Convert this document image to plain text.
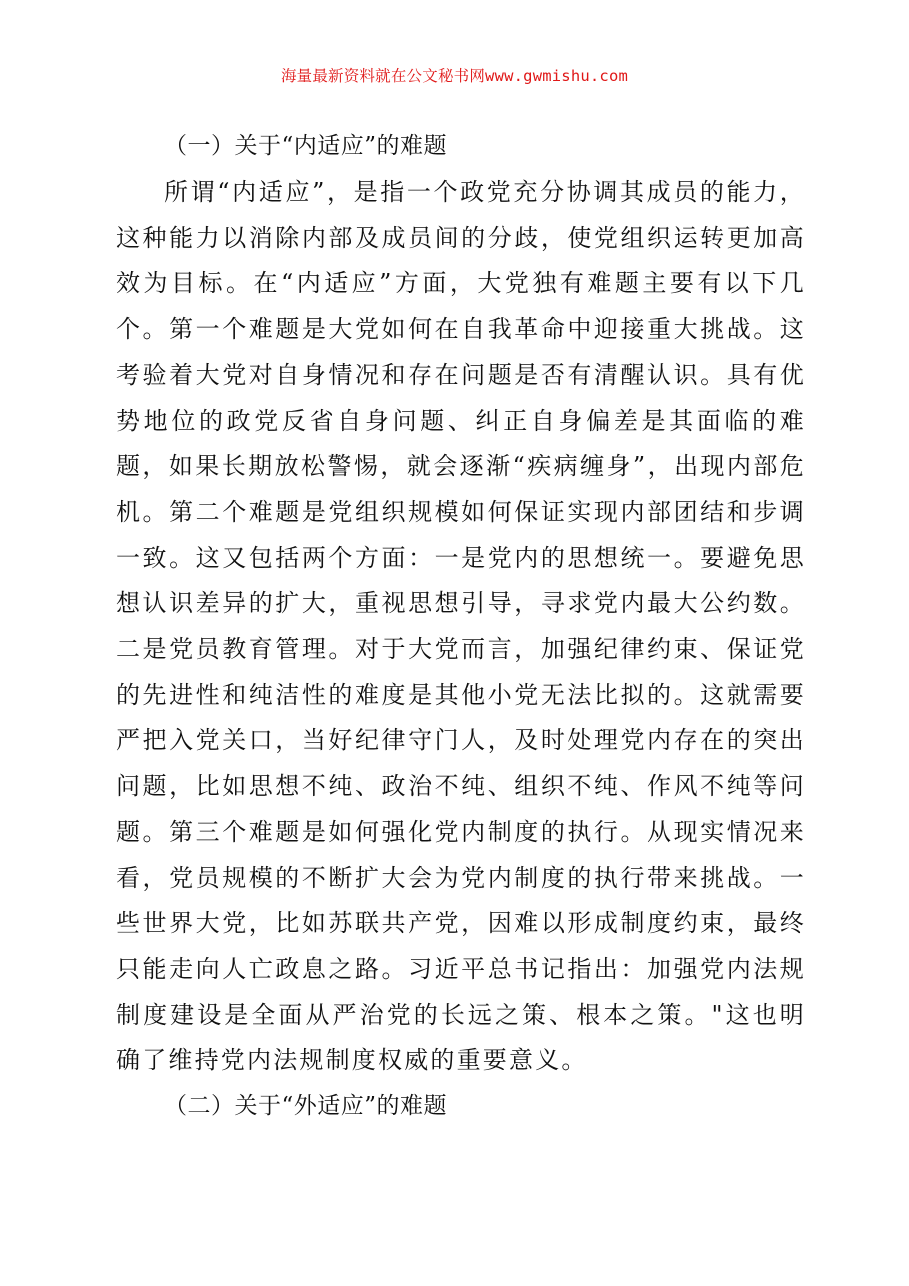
海量最新资料就在公文秘书网www.gwmishu.com

（一）关于“内适应”的难题

所谓“内适应”，是指一个政党充分协调其成员的能力，这种能力以消除内部及成员间的分歧，使党组织运转更加高效为目标。在“内适应”方面，大党独有难题主要有以下几个。第一个难题是大党如何在自我革命中迎接重大挑战。这考验着大党对自身情况和存在问题是否有清醒认识。具有优势地位的政党反省自身问题、纠正自身偏差是其面临的难题，如果长期放松警惕，就会逐渐“疾病缠身”，出现内部危机。第二个难题是党组织规模如何保证实现内部团结和步调一致。这又包括两个方面：一是党内的思想统一。要避免思想认识差异的扩大，重视思想引导，寻求党内最大公约数。二是党员教育管理。对于大党而言，加强纪律约束、保证党的先进性和纯洁性的难度是其他小党无法比拟的。这就需要严把入党关口，当好纪律守门人，及时处理党内存在的突出问题，比如思想不纯、政治不纯、组织不纯、作风不纯等问题。第三个难题是如何强化党内制度的执行。从现实情况来看，党员规模的不断扩大会为党内制度的执行带来挑战。一些世界大党，比如苏联共产党，因难以形成制度约束，最终只能走向人亡政息之路。习近平总书记指出：加强党内法规制度建设是全面从严治党的长远之策、根本之策。"这也明确了维持党内法规制度权威的重要意义。

（二）关于“外适应”的难题
